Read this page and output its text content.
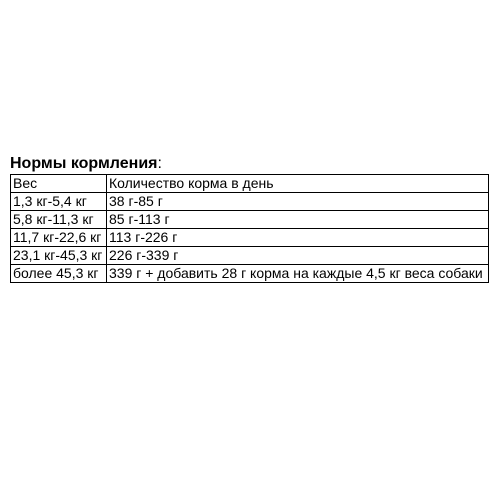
Нормы кормления:
Вес	Количество корма в день
1,3 кг-5,4 кг	38 г-85 г
5,8 кг-11,3 кг	85 г-113 г
11,7 кг-22,6 кг	113 г-226 г
23,1 кг-45,3 кг	226 г-339 г
более 45,3 кг	339 г + добавить 28 г корма на каждые 4,5 кг веса собаки
